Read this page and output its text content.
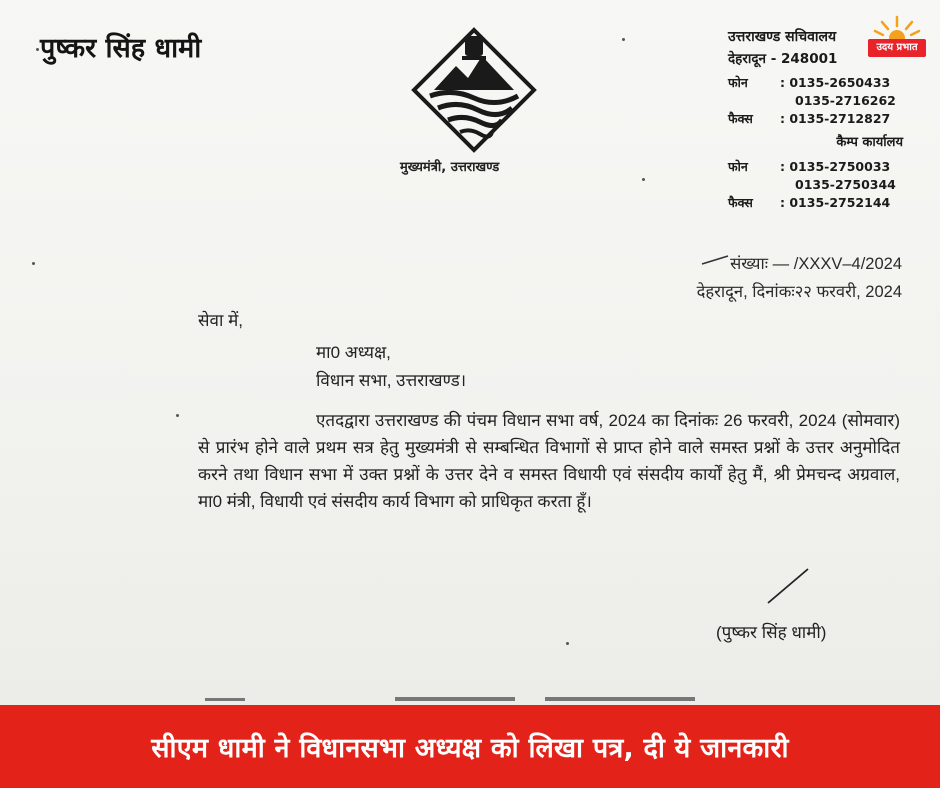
पुष्कर सिंह धामी
मुख्यमंत्री, उत्तराखण्ड
उत्तराखण्ड सचिवालय
देहरादून - 248001
फोन	: 0135-2650433
0135-2716262
फैक्स	: 0135-2712827
कैम्प कार्यालय
फोन	: 0135-2750033
0135-2750344
फैक्स	: 0135-2752144
उदय प्रभात
संख्याः — /XXXV–4/2024
देहरादून, दिनांकः२२ फरवरी, 2024
सेवा में,
मा0 अध्यक्ष,
विधान सभा, उत्तराखण्ड।
एतदद्वारा उत्तराखण्ड की पंचम विधान सभा वर्ष, 2024 का दिनांकः 26 फरवरी, 2024 (सोमवार) से प्रारंभ होने वाले प्रथम सत्र हेतु मुख्यमंत्री से सम्बन्धित विभागों से प्राप्त होने वाले समस्त प्रश्नों के उत्तर अनुमोदित करने तथा विधान सभा में उक्त प्रश्नों के उत्तर देने व समस्त विधायी एवं संसदीय कार्यों हेतु मैं, श्री प्रेमचन्द अग्रवाल, मा0 मंत्री, विधायी एवं संसदीय कार्य विभाग को प्राधिकृत करता हूँ।
(पुष्कर सिंह धामी)
सीएम धामी ने विधानसभा अध्यक्ष को लिखा पत्र, दी ये जानकारी
